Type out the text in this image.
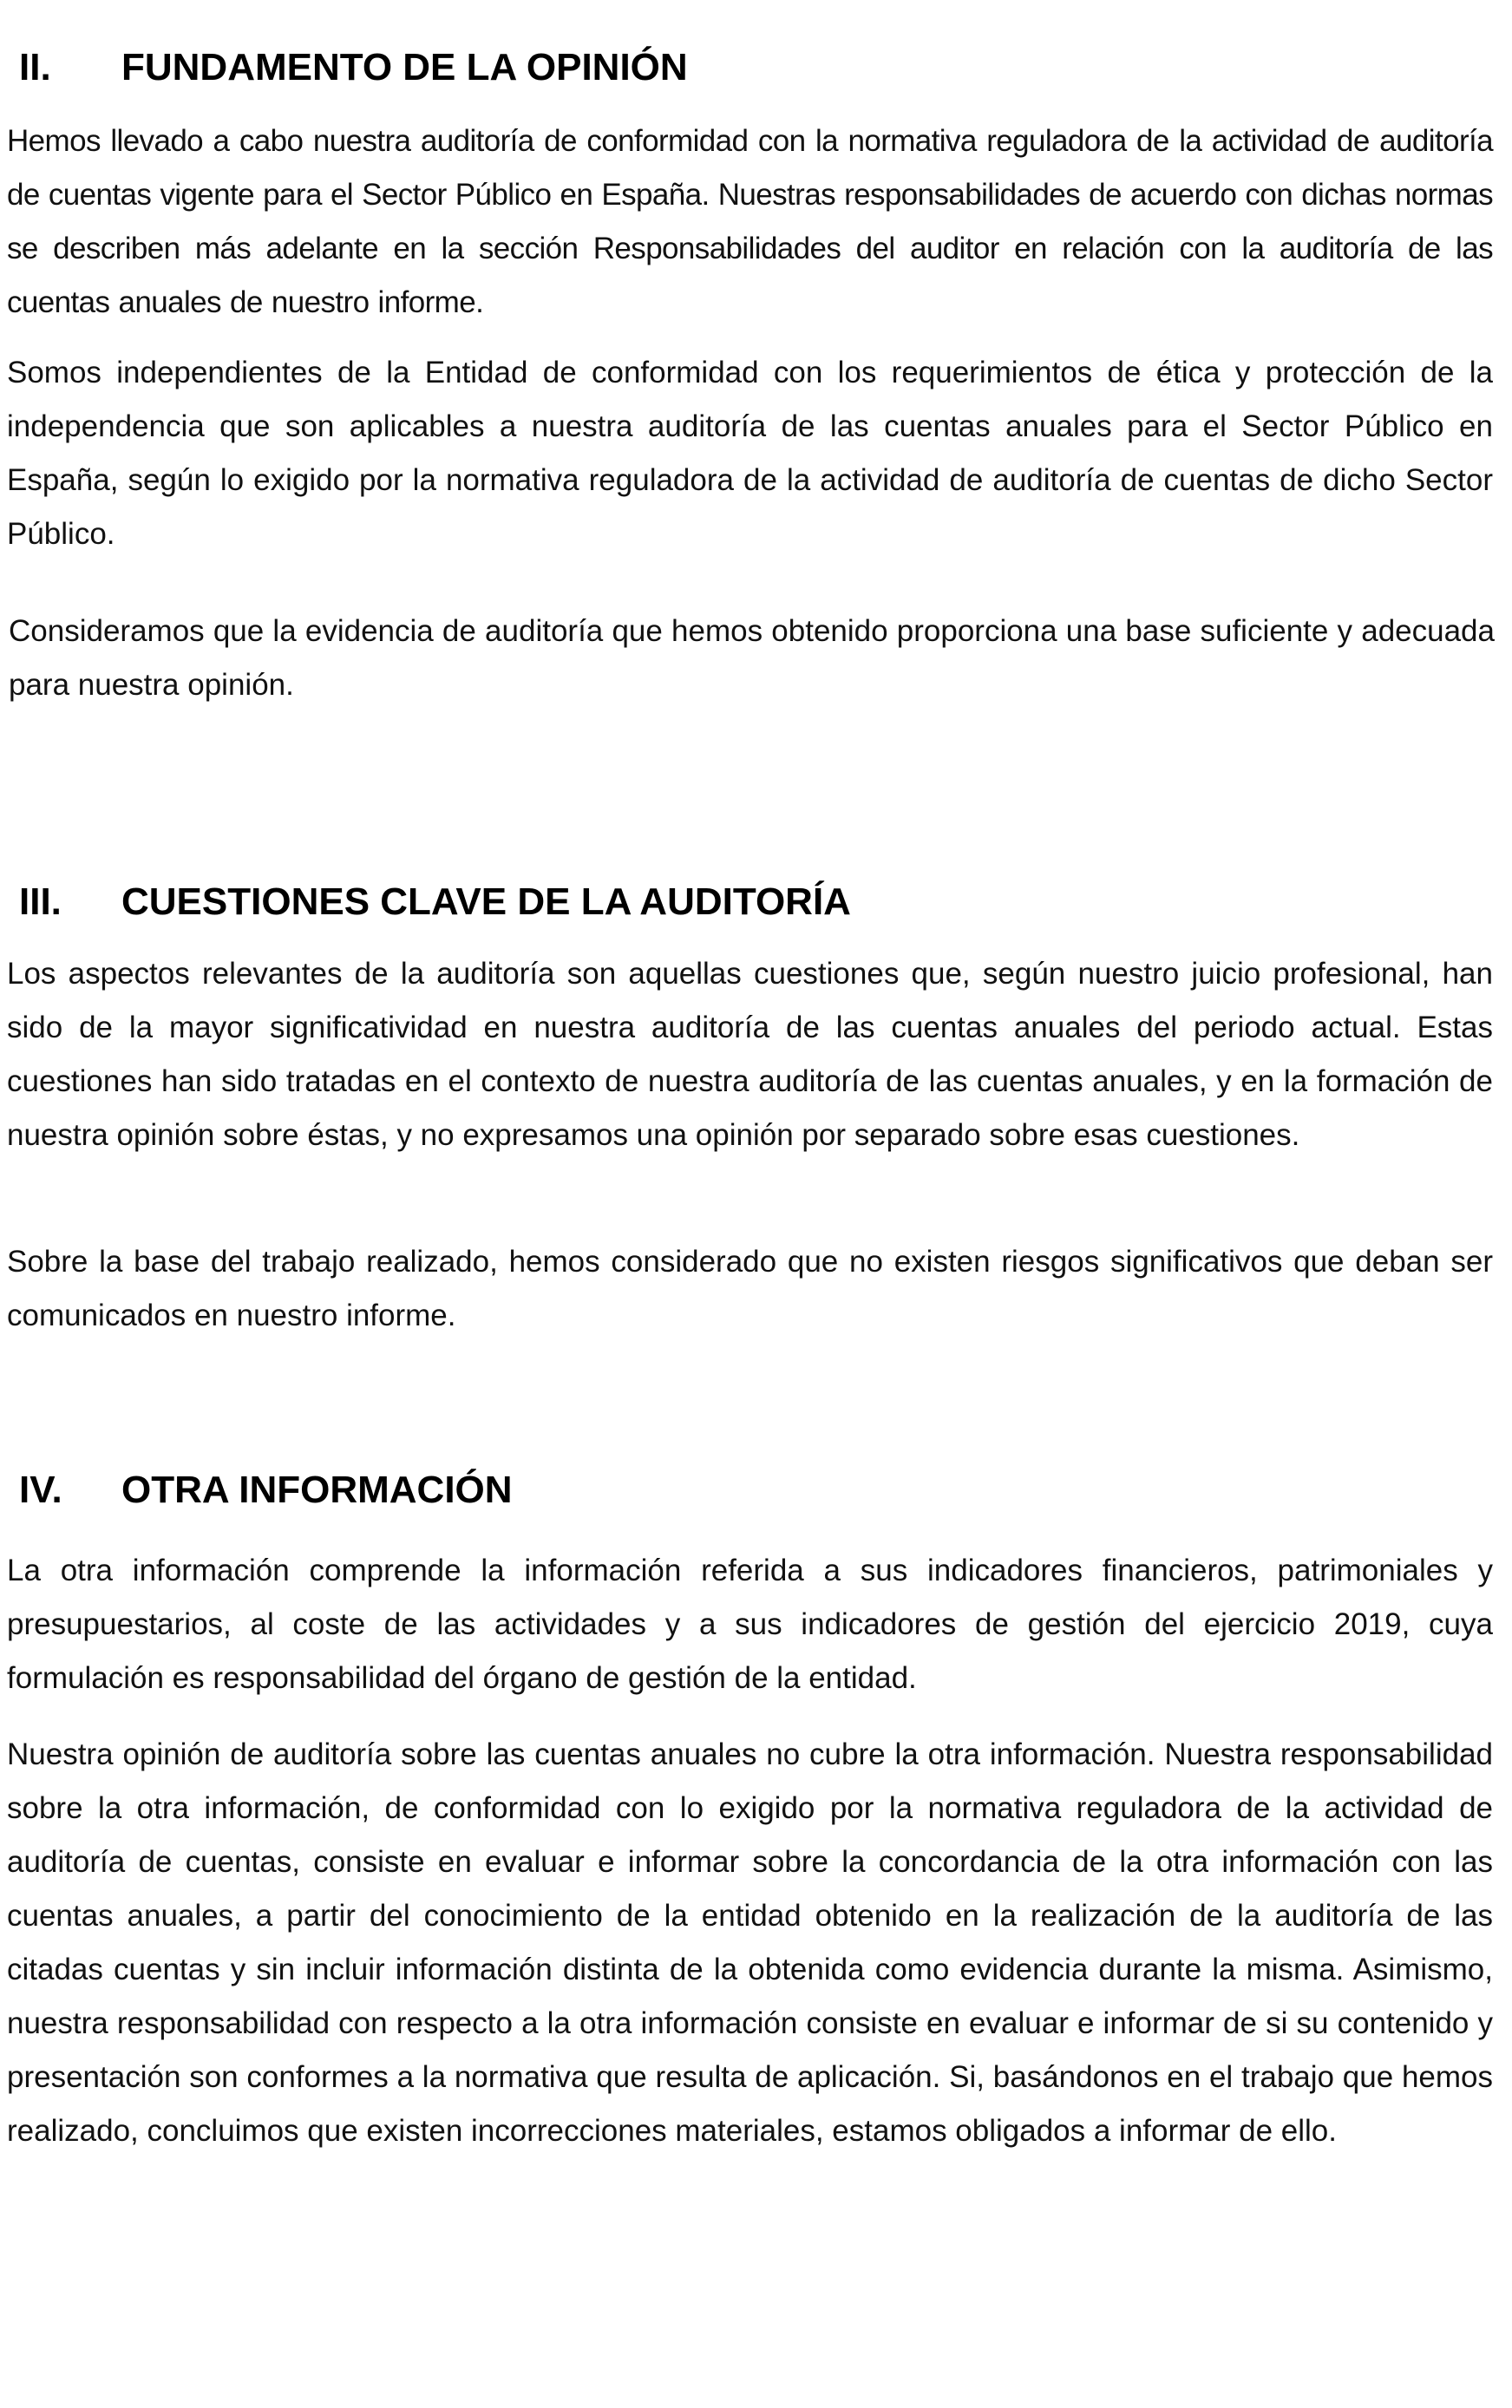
II.	FUNDAMENTO DE LA OPINIÓN

Hemos llevado a cabo nuestra auditoría de conformidad con la normativa reguladora de la actividad de auditoría de cuentas vigente para el Sector Público en España. Nuestras responsabilidades de acuerdo con dichas normas se describen más adelante en la sección Responsabilidades del auditor en relación con la auditoría de las cuentas anuales de nuestro informe.

Somos independientes de la Entidad de conformidad con los requerimientos de ética y protección de la independencia que son aplicables a nuestra auditoría de las cuentas anuales para el Sector Público en España, según lo exigido por la normativa reguladora de la actividad de auditoría de cuentas de dicho Sector Público.

Consideramos que la evidencia de auditoría que hemos obtenido proporciona una base suficiente y adecuada para nuestra opinión.

III.	CUESTIONES CLAVE DE LA AUDITORÍA

Los aspectos relevantes de la auditoría son aquellas cuestiones que, según nuestro juicio profesional, han sido de la mayor significatividad en nuestra auditoría de las cuentas anuales del periodo actual. Estas cuestiones han sido tratadas en el contexto de nuestra auditoría de las cuentas anuales, y en la formación de nuestra opinión sobre éstas, y no expresamos una opinión por separado sobre esas cuestiones.

Sobre la base del trabajo realizado, hemos considerado que no existen riesgos significativos que deban ser comunicados en nuestro informe.

IV.	OTRA INFORMACIÓN

La otra información comprende la información referida a sus indicadores financieros, patrimoniales y presupuestarios, al coste de las actividades y a sus indicadores de gestión del ejercicio 2019, cuya formulación es responsabilidad del órgano de gestión de la entidad.

Nuestra opinión de auditoría sobre las cuentas anuales no cubre la otra información. Nuestra responsabilidad sobre la otra información, de conformidad con lo exigido por la normativa reguladora de la actividad de auditoría de cuentas, consiste en evaluar e informar sobre la concordancia de la otra información con las cuentas anuales, a partir del conocimiento de la entidad obtenido en la realización de la auditoría de las citadas cuentas y sin incluir información distinta de la obtenida como evidencia durante la misma. Asimismo, nuestra responsabilidad con respecto a la otra información consiste en evaluar e informar de si su contenido y presentación son conformes a la normativa que resulta de aplicación. Si, basándonos en el trabajo que hemos realizado, concluimos que existen incorrecciones materiales, estamos obligados a informar de ello.
